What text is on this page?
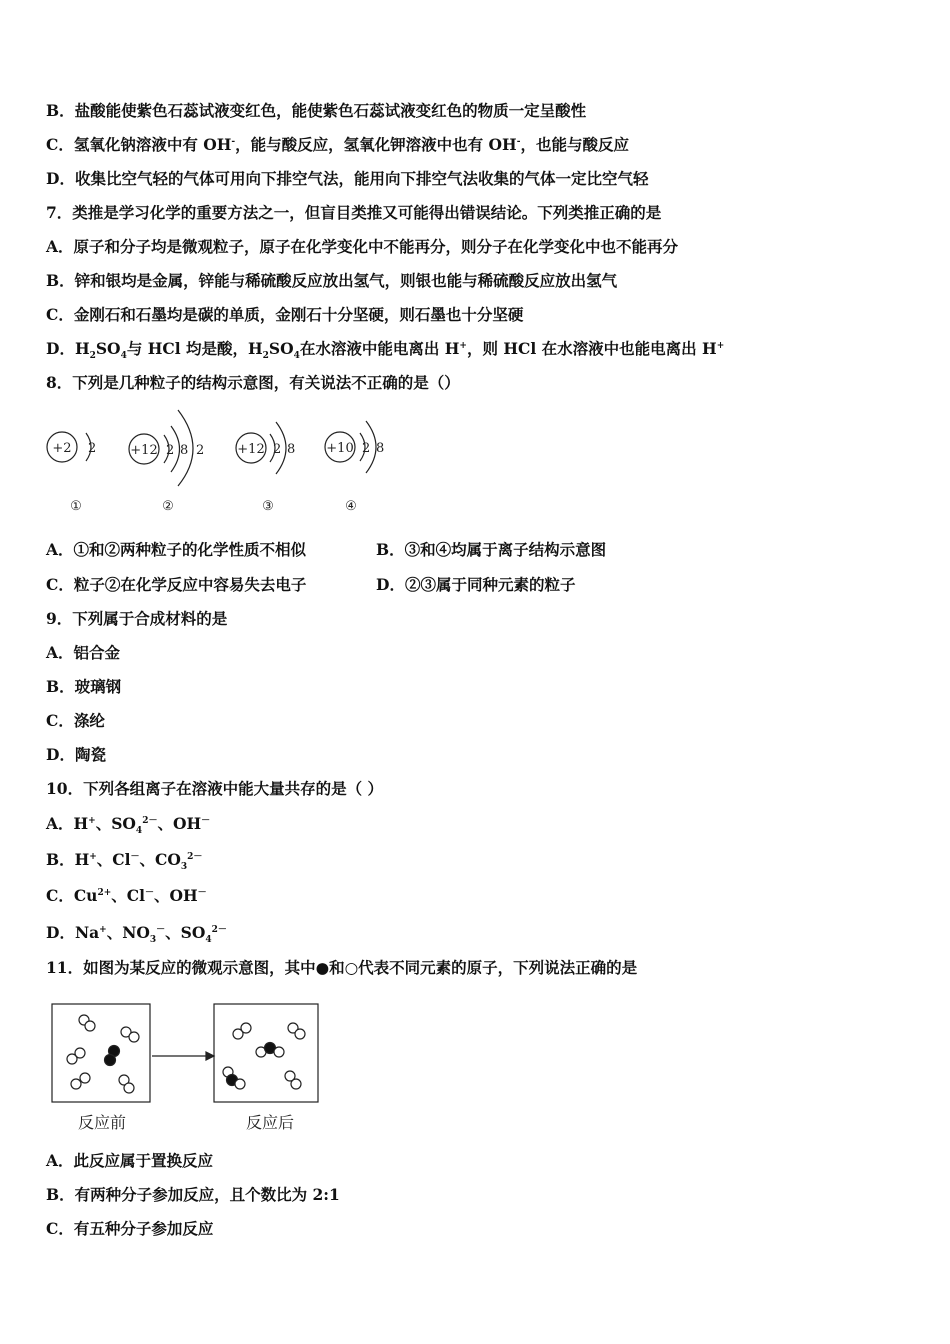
B．盐酸能使紫色石蕊试液变红色，能使紫色石蕊试液变红色的物质一定呈酸性
C．氢氧化钠溶液中有 OH-，能与酸反应，氢氧化钾溶液中也有 OH-，也能与酸反应
D．收集比空气轻的气体可用向下排空气法，能用向下排空气法收集的气体一定比空气轻
7．类推是学习化学的重要方法之一，但盲目类推又可能得出错误结论。下列类推正确的是
A．原子和分子均是微观粒子，原子在化学变化中不能再分，则分子在化学变化中也不能再分
B．锌和银均是金属，锌能与稀硫酸反应放出氢气，则银也能与稀硫酸反应放出氢气
C．金刚石和石墨均是碳的单质，金刚石十分坚硬，则石墨也十分坚硬
D．$H_2SO_4$与 HCl 均是酸，$H_2SO_4$在水溶液中能电离出 H+，则 HCl 在水溶液中也能电离出 H+
8．下列是几种粒子的结构示意图，有关说法不正确的是（）
+2 2
①
+12 2 8 2
②
+12 2 8
③
+10 2 8
④
A．①和②两种粒子的化学性质不相似	B．③和④均属于离子结构示意图
C．粒子②在化学反应中容易失去电子	D．②③属于同种元素的粒子
9．下列属于合成材料的是
A．铝合金
B．玻璃钢
C．涤纶
D．陶瓷
10．下列各组离子在溶液中能大量共存的是（ ）
A．H+、$SO_4^{2-}$、OH－
B．H+、Cl－、$CO_3^{2-}$
C．$Cu^{2+}$、Cl－、OH－
D．Na+、$NO_3^-$、$SO_4^{2-}$
11．如图为某反应的微观示意图，其中●和○代表不同元素的原子，下列说法正确的是
反应前	反应后
A．此反应属于置换反应
B．有两种分子参加反应，且个数比为 2:1
C．有五种分子参加反应
